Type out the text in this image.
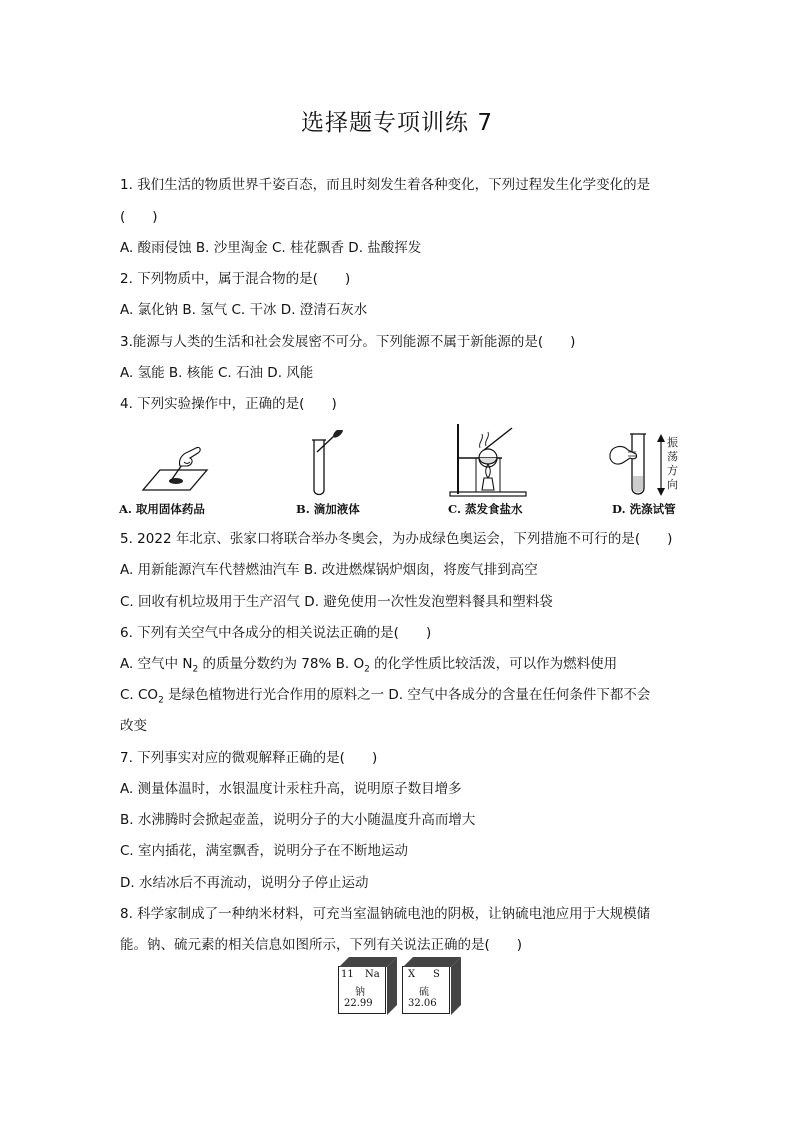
选择题专项训练 7
1. 我们生活的物质世界千姿百态，而且时刻发生着各种变化，下列过程发生化学变化的是
(　　)
A. 酸雨侵蚀 B. 沙里淘金 C. 桂花飘香 D. 盐酸挥发
2. 下列物质中，属于混合物的是(　　)
A. 氯化钠 B. 氢气 C. 干冰 D. 澄清石灰水
3.能源与人类的生活和社会发展密不可分。下列能源不属于新能源的是(　　)
A. 氢能 B. 核能 C. 石油 D. 风能
4. 下列实验操作中，正确的是(　　)
A. 取用固体药品	B. 滴加液体	C. 蒸发食盐水
振
荡
方
向
D. 洗涤试管
5. 2022 年北京、张家口将联合举办冬奥会，为办成绿色奥运会，下列措施不可行的是(　　)
A. 用新能源汽车代替燃油汽车 B. 改进燃煤锅炉烟囱，将废气排到高空
C. 回收有机垃圾用于生产沼气 D. 避免使用一次性发泡塑料餐具和塑料袋
6. 下列有关空气中各成分的相关说法正确的是(　　)
A. 空气中 $N_2$ 的质量分数约为 78% B. $O_2$ 的化学性质比较活泼，可以作为燃料使用
C. $CO_2$ 是绿色植物进行光合作用的原料之一 D. 空气中各成分的含量在任何条件下都不会
改变
7. 下列事实对应的微观解释正确的是(　　)
A. 测量体温时，水银温度计汞柱升高，说明原子数目增多
B. 水沸腾时会掀起壶盖，说明分子的大小随温度升高而增大
C. 室内插花，满室飘香，说明分子在不断地运动
D. 水结冰后不再流动，说明分子停止运动
8. 科学家制成了一种纳米材料，可充当室温钠硫电池的阴极，让钠硫电池应用于大规模储
能。钠、硫元素的相关信息如图所示，下列有关说法正确的是(　　)
11 Na
钠
22.99
X S
硫
32.06
